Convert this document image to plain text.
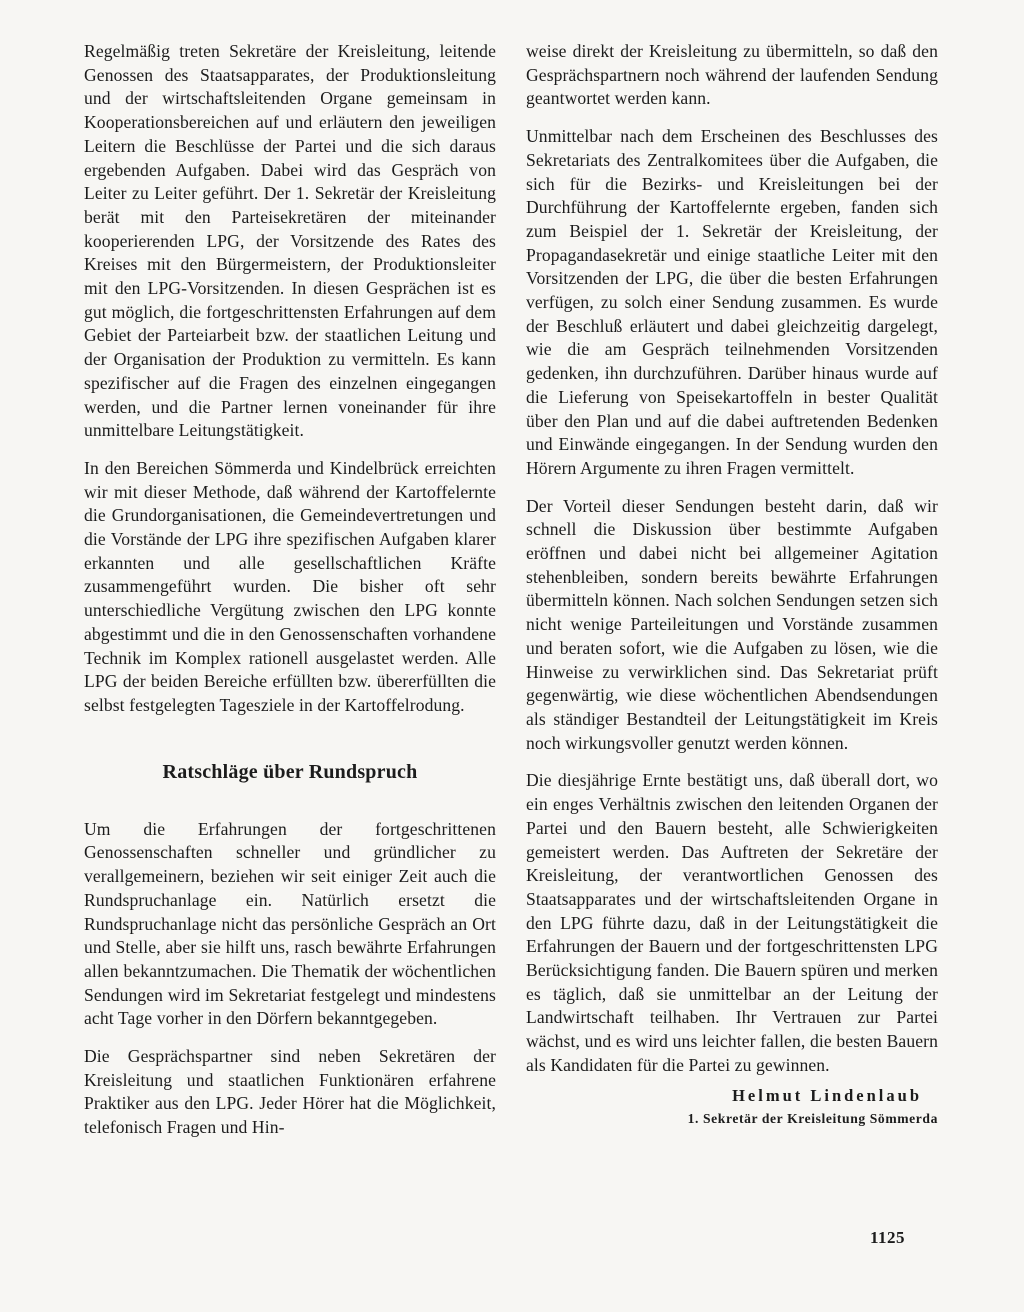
Regelmäßig treten Sekretäre der Kreisleitung, leitende Genossen des Staatsapparates, der Produktionsleitung und der wirtschaftsleitenden Organe gemeinsam in Kooperationsbereichen auf und erläutern den jeweiligen Leitern die Beschlüsse der Partei und die sich daraus ergebenden Aufgaben. Dabei wird das Gespräch von Leiter zu Leiter geführt. Der 1. Sekretär der Kreisleitung berät mit den Parteisekretären der miteinander kooperierenden LPG, der Vorsitzende des Rates des Kreises mit den Bürgermeistern, der Produktionsleiter mit den LPG-Vorsitzenden. In diesen Gesprächen ist es gut möglich, die fortgeschrittensten Erfahrungen auf dem Gebiet der Parteiarbeit bzw. der staatlichen Leitung und der Organisation der Produktion zu vermitteln. Es kann spezifischer auf die Fragen des einzelnen eingegangen werden, und die Partner lernen voneinander für ihre unmittelbare Leitungstätigkeit.

In den Bereichen Sömmerda und Kindelbrück erreichten wir mit dieser Methode, daß während der Kartoffelernte die Grundorganisationen, die Gemeindevertretungen und die Vorstände der LPG ihre spezifischen Aufgaben klarer erkannten und alle gesellschaftlichen Kräfte zusammengeführt wurden. Die bisher oft sehr unterschiedliche Vergütung zwischen den LPG konnte abgestimmt und die in den Genossenschaften vorhandene Technik im Komplex rationell ausgelastet werden. Alle LPG der beiden Bereiche erfüllten bzw. übererfüllten die selbst festgelegten Tagesziele in der Kartoffelrodung.

Ratschläge über Rundspruch

Um die Erfahrungen der fortgeschrittenen Genossenschaften schneller und gründlicher zu verallgemeinern, beziehen wir seit einiger Zeit auch die Rundspruchanlage ein. Natürlich ersetzt die Rundspruchanlage nicht das persönliche Gespräch an Ort und Stelle, aber sie hilft uns, rasch bewährte Erfahrungen allen bekanntzumachen. Die Thematik der wöchentlichen Sendungen wird im Sekretariat festgelegt und mindestens acht Tage vorher in den Dörfern bekanntgegeben.

Die Gesprächspartner sind neben Sekretären der Kreisleitung und staatlichen Funktionären erfahrene Praktiker aus den LPG. Jeder Hörer hat die Möglichkeit, telefonisch Fragen und Hin-

weise direkt der Kreisleitung zu übermitteln, so daß den Gesprächspartnern noch während der laufenden Sendung geantwortet werden kann.

Unmittelbar nach dem Erscheinen des Beschlusses des Sekretariats des Zentralkomitees über die Aufgaben, die sich für die Bezirks- und Kreisleitungen bei der Durchführung der Kartoffelernte ergeben, fanden sich zum Beispiel der 1. Sekretär der Kreisleitung, der Propagandasekretär und einige staatliche Leiter mit den Vorsitzenden der LPG, die über die besten Erfahrungen verfügen, zu solch einer Sendung zusammen. Es wurde der Beschluß erläutert und dabei gleichzeitig dargelegt, wie die am Gespräch teilnehmenden Vorsitzenden gedenken, ihn durchzuführen. Darüber hinaus wurde auf die Lieferung von Speisekartoffeln in bester Qualität über den Plan und auf die dabei auftretenden Bedenken und Einwände eingegangen. In der Sendung wurden den Hörern Argumente zu ihren Fragen vermittelt.

Der Vorteil dieser Sendungen besteht darin, daß wir schnell die Diskussion über bestimmte Aufgaben eröffnen und dabei nicht bei allgemeiner Agitation stehenbleiben, sondern bereits bewährte Erfahrungen übermitteln können. Nach solchen Sendungen setzen sich nicht wenige Parteileitungen und Vorstände zusammen und beraten sofort, wie die Aufgaben zu lösen, wie die Hinweise zu verwirklichen sind. Das Sekretariat prüft gegenwärtig, wie diese wöchentlichen Abendsendungen als ständiger Bestandteil der Leitungstätigkeit im Kreis noch wirkungsvoller genutzt werden können.

Die diesjährige Ernte bestätigt uns, daß überall dort, wo ein enges Verhältnis zwischen den leitenden Organen der Partei und den Bauern besteht, alle Schwierigkeiten gemeistert werden. Das Auftreten der Sekretäre der Kreisleitung, der verantwortlichen Genossen des Staatsapparates und der wirtschaftsleitenden Organe in den LPG führte dazu, daß in der Leitungstätigkeit die Erfahrungen der Bauern und der fortgeschrittensten LPG Berücksichtigung fanden. Die Bauern spüren und merken es täglich, daß sie unmittelbar an der Leitung der Landwirtschaft teilhaben. Ihr Vertrauen zur Partei wächst, und es wird uns leichter fallen, die besten Bauern als Kandidaten für die Partei zu gewinnen.

Helmut Lindenlaub
1. Sekretär der Kreisleitung Sömmerda
1125
